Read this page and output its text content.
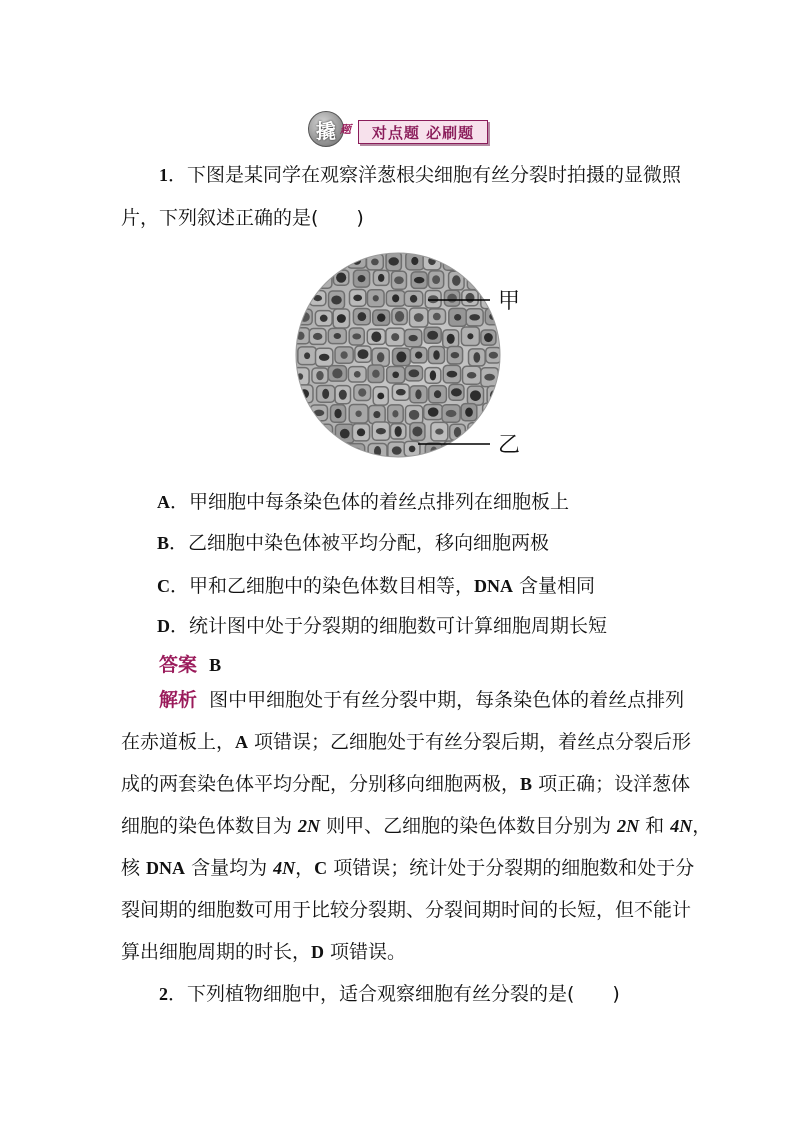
撬 题	对点题 必刷题
1．下图是某同学在观察洋葱根尖细胞有丝分裂时拍摄的显微照
片，下列叙述正确的是(　　)
甲
乙
A．甲细胞中每条染色体的着丝点排列在细胞板上
B．乙细胞中染色体被平均分配，移向细胞两极
C．甲和乙细胞中的染色体数目相等，DNA 含量相同
D．统计图中处于分裂期的细胞数可计算细胞周期长短
答案 B
解析 图中甲细胞处于有丝分裂中期，每条染色体的着丝点排列
在赤道板上，A 项错误；乙细胞处于有丝分裂后期，着丝点分裂后形
成的两套染色体平均分配，分别移向细胞两极，B 项正确；设洋葱体
细胞的染色体数目为 2N 则甲、乙细胞的染色体数目分别为 2N 和 4N，
核 DNA 含量均为 4N，C 项错误；统计处于分裂期的细胞数和处于分
裂间期的细胞数可用于比较分裂期、分裂间期时间的长短，但不能计
算出细胞周期的时长，D 项错误。
2．下列植物细胞中，适合观察细胞有丝分裂的是(　　)
